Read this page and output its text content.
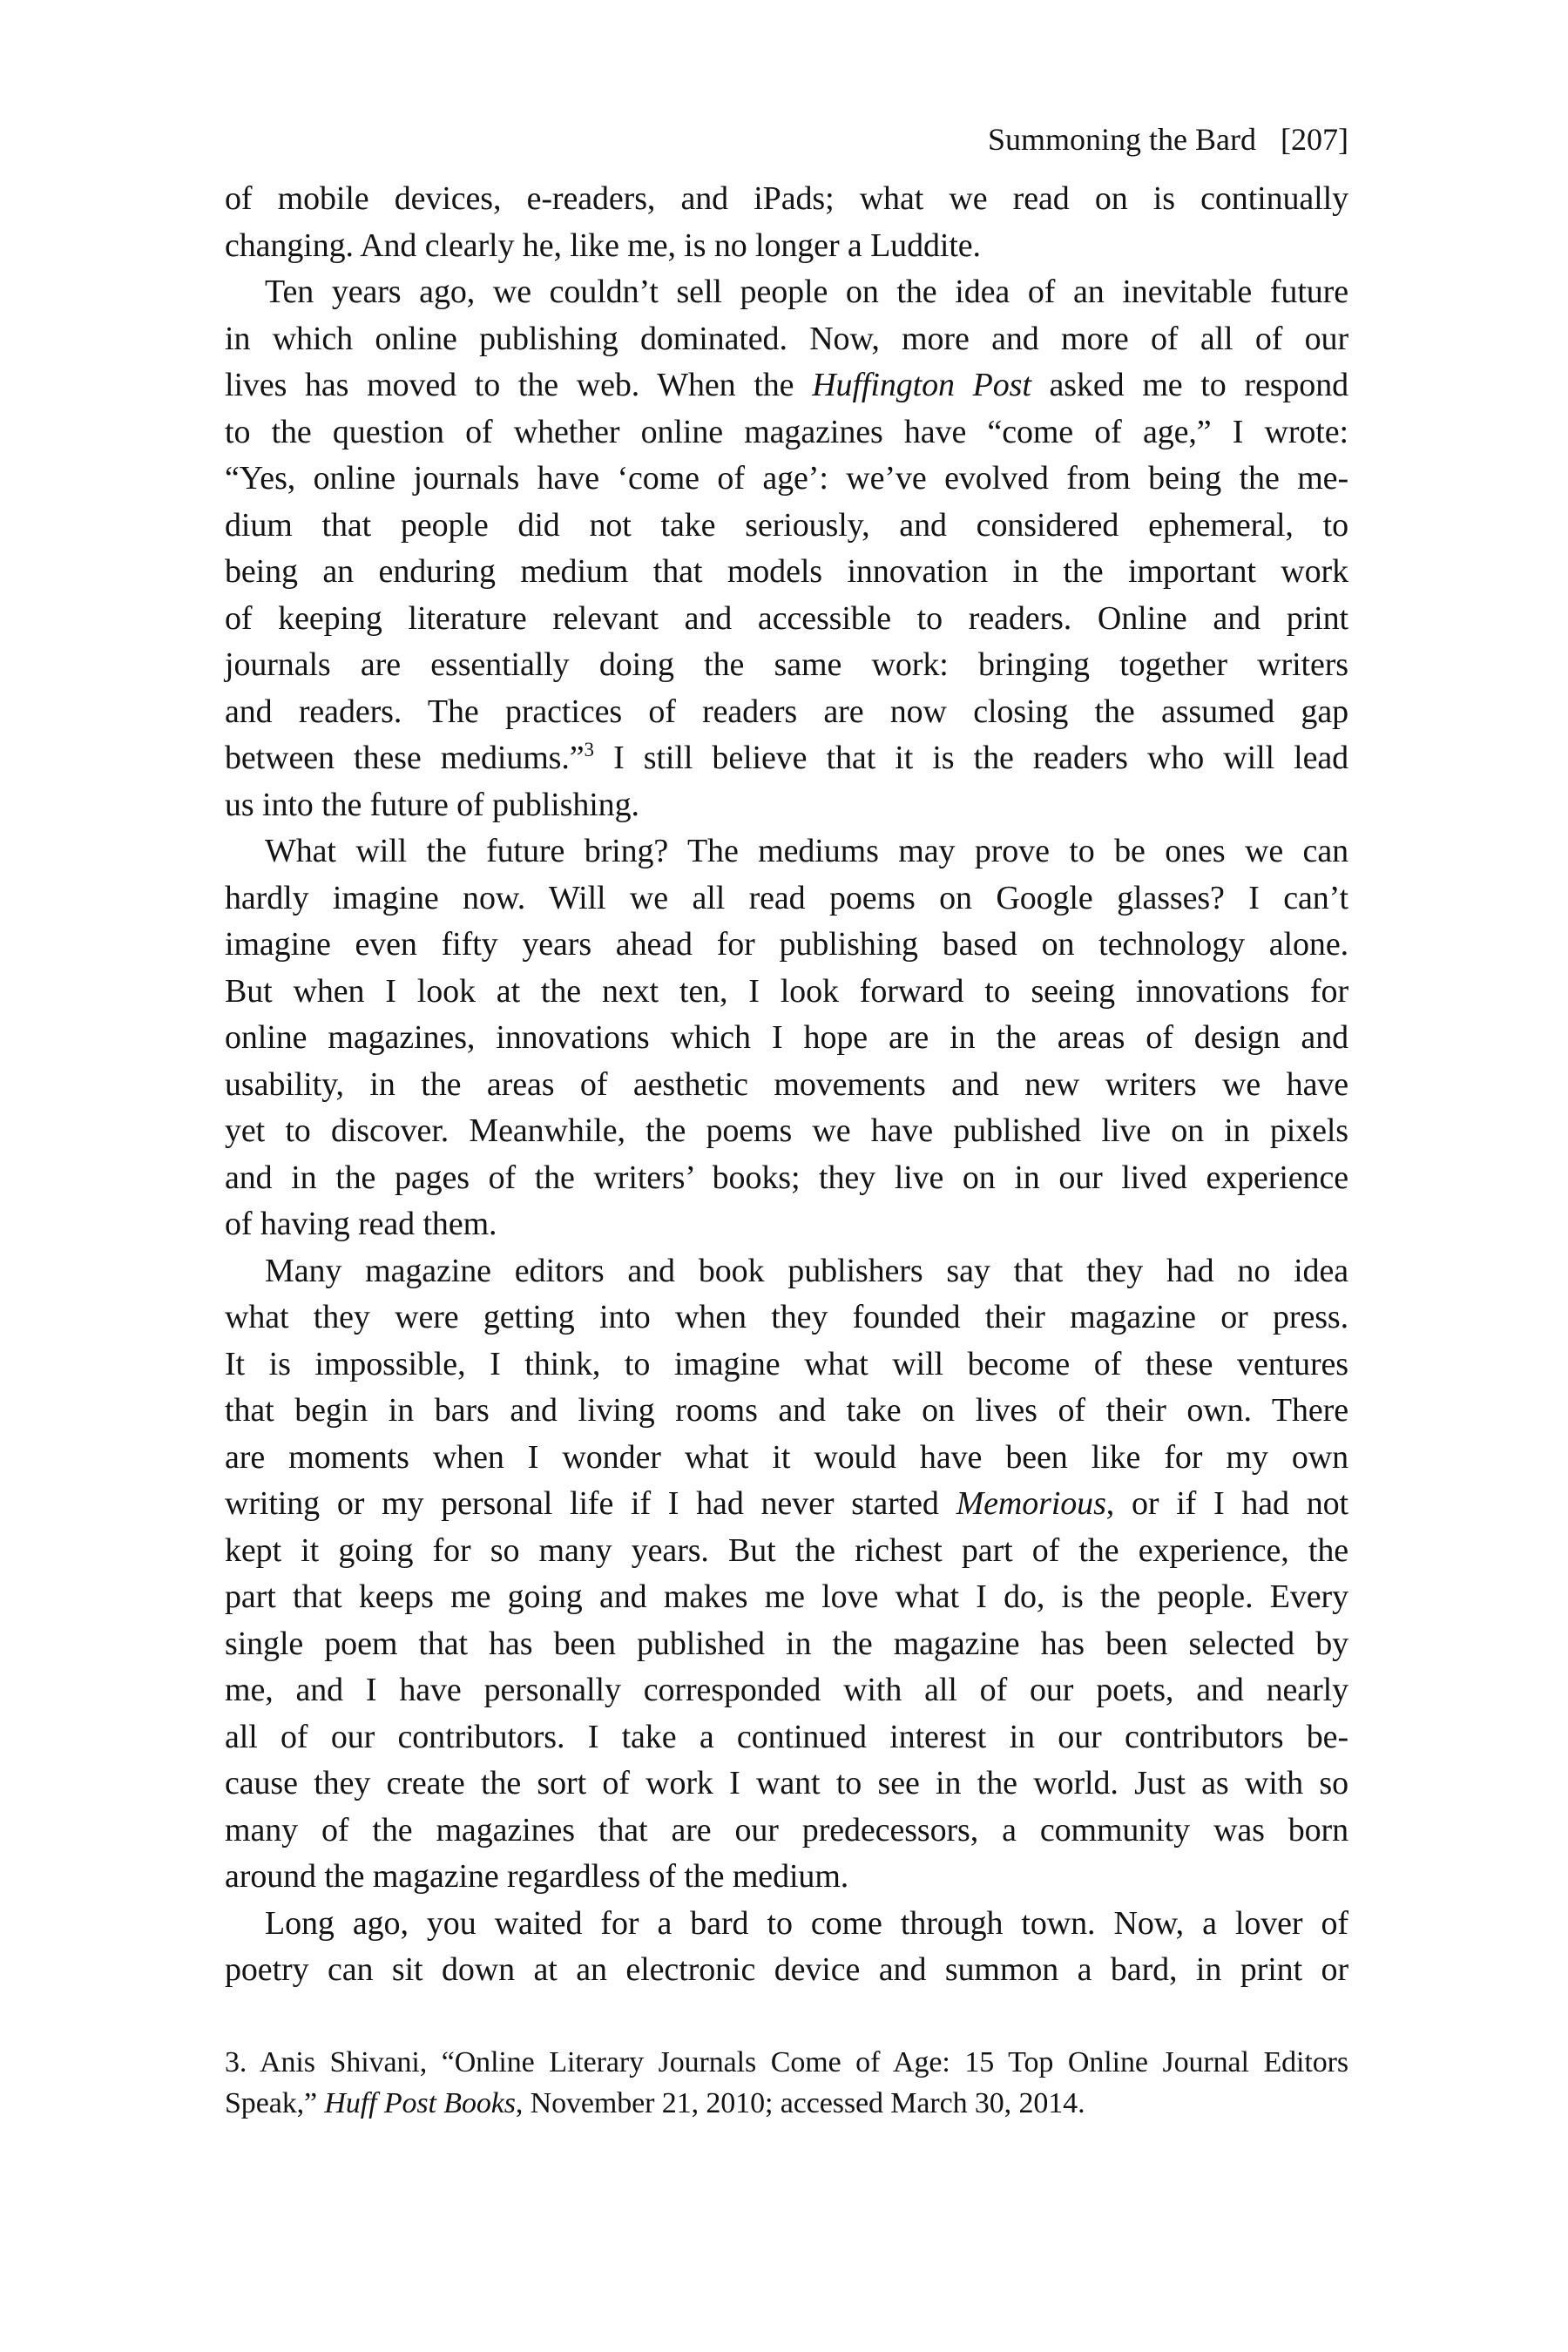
Summoning the Bard [207]
of mobile devices, e-readers, and iPads; what we read on is continually
changing. And clearly he, like me, is no longer a Luddite.
Ten years ago, we couldn’t sell people on the idea of an inevitable future
in which online publishing dominated. Now, more and more of all of our
lives has moved to the web. When the Huffington Post asked me to respond
to the question of whether online magazines have “come of age,” I wrote:
“Yes, online journals have ‘come of age’: we’ve evolved from being the me-
dium that people did not take seriously, and considered ephemeral, to
being an enduring medium that models innovation in the important work
of keeping literature relevant and accessible to readers. Online and print
journals are essentially doing the same work: bringing together writers
and readers. The practices of readers are now closing the assumed gap
between these mediums.”$^3$ I still believe that it is the readers who will lead
us into the future of publishing.
What will the future bring? The mediums may prove to be ones we can
hardly imagine now. Will we all read poems on Google glasses? I can’t
imagine even fifty years ahead for publishing based on technology alone.
But when I look at the next ten, I look forward to seeing innovations for
online magazines, innovations which I hope are in the areas of design and
usability, in the areas of aesthetic movements and new writers we have
yet to discover. Meanwhile, the poems we have published live on in pixels
and in the pages of the writers’ books; they live on in our lived experience
of having read them.
Many magazine editors and book publishers say that they had no idea
what they were getting into when they founded their magazine or press.
It is impossible, I think, to imagine what will become of these ventures
that begin in bars and living rooms and take on lives of their own. There
are moments when I wonder what it would have been like for my own
writing or my personal life if I had never started Memorious, or if I had not
kept it going for so many years. But the richest part of the experience, the
part that keeps me going and makes me love what I do, is the people. Every
single poem that has been published in the magazine has been selected by
me, and I have personally corresponded with all of our poets, and nearly
all of our contributors. I take a continued interest in our contributors be-
cause they create the sort of work I want to see in the world. Just as with so
many of the magazines that are our predecessors, a community was born
around the magazine regardless of the medium.
Long ago, you waited for a bard to come through town. Now, a lover of
poetry can sit down at an electronic device and summon a bard, in print or
3. Anis Shivani, “Online Literary Journals Come of Age: 15 Top Online Journal Editors
Speak,” Huff Post Books, November 21, 2010; accessed March 30, 2014.
